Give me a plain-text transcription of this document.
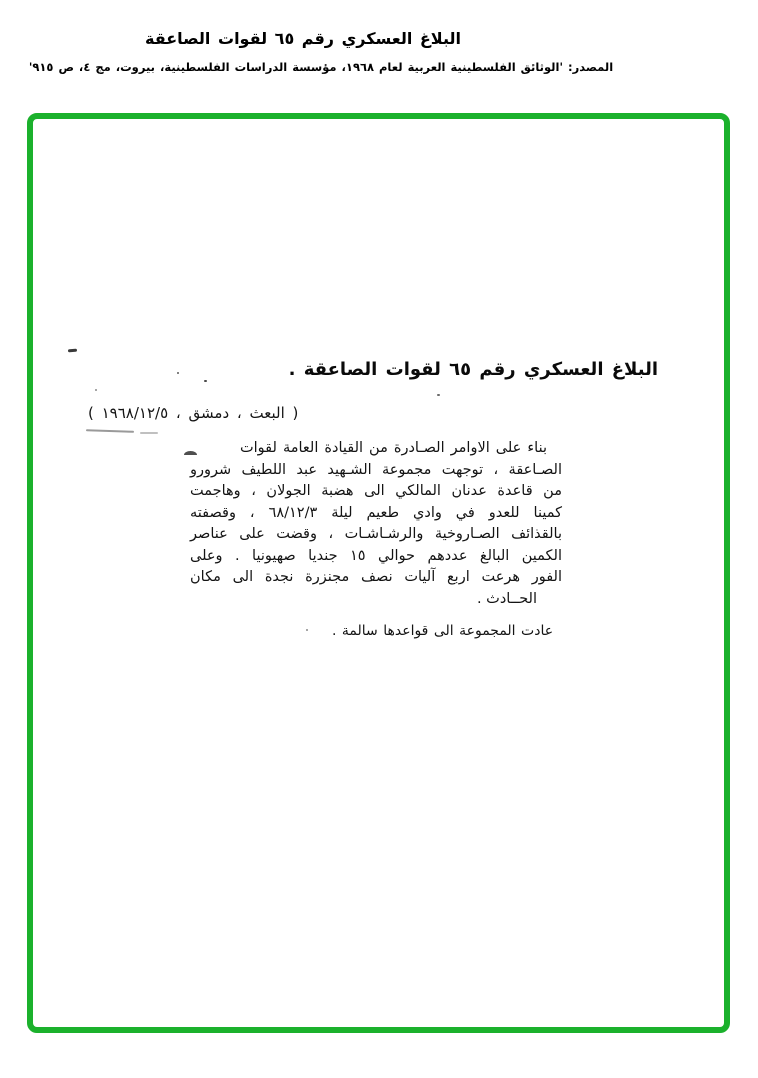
البلاغ العسكري رقم ٦٥ لقوات الصاعقة
المصدر: 'الوثائق الفلسطينية العربية لعام ١٩٦٨، مؤسسة الدراسات الفلسطينية، بيروت، مج ٤، ص ٩١٥'
البلاغ العسكري رقم ٦٥ لقوات الصاعقة .
( البعث ، دمشق ، ١٩٦٨/١٢/٥ )
بناء على الاوامر الصـادرة من القيادة العامة لقوات
الصـاعقة ، توجهت مجموعة الشـهيد عبد اللطيف شرورو
من قاعدة عدنان المالكي الى هضبة الجولان ، وهاجمت
كمينا للعدو في وادي طعيم ليلة ٦٨/١٢/٣ ، وقصفته
بالقذائف الصـاروخية والرشـاشـات ، وقضت على عناصر
الكمين البالغ عددهم حوالي ١٥ جنديا صهيونيا . وعلى
الفور هرعت اربع آليات نصف مجنزرة نجدة الى مكان
الحــادث .
عادت المجموعة الى قواعدها سالمة .
